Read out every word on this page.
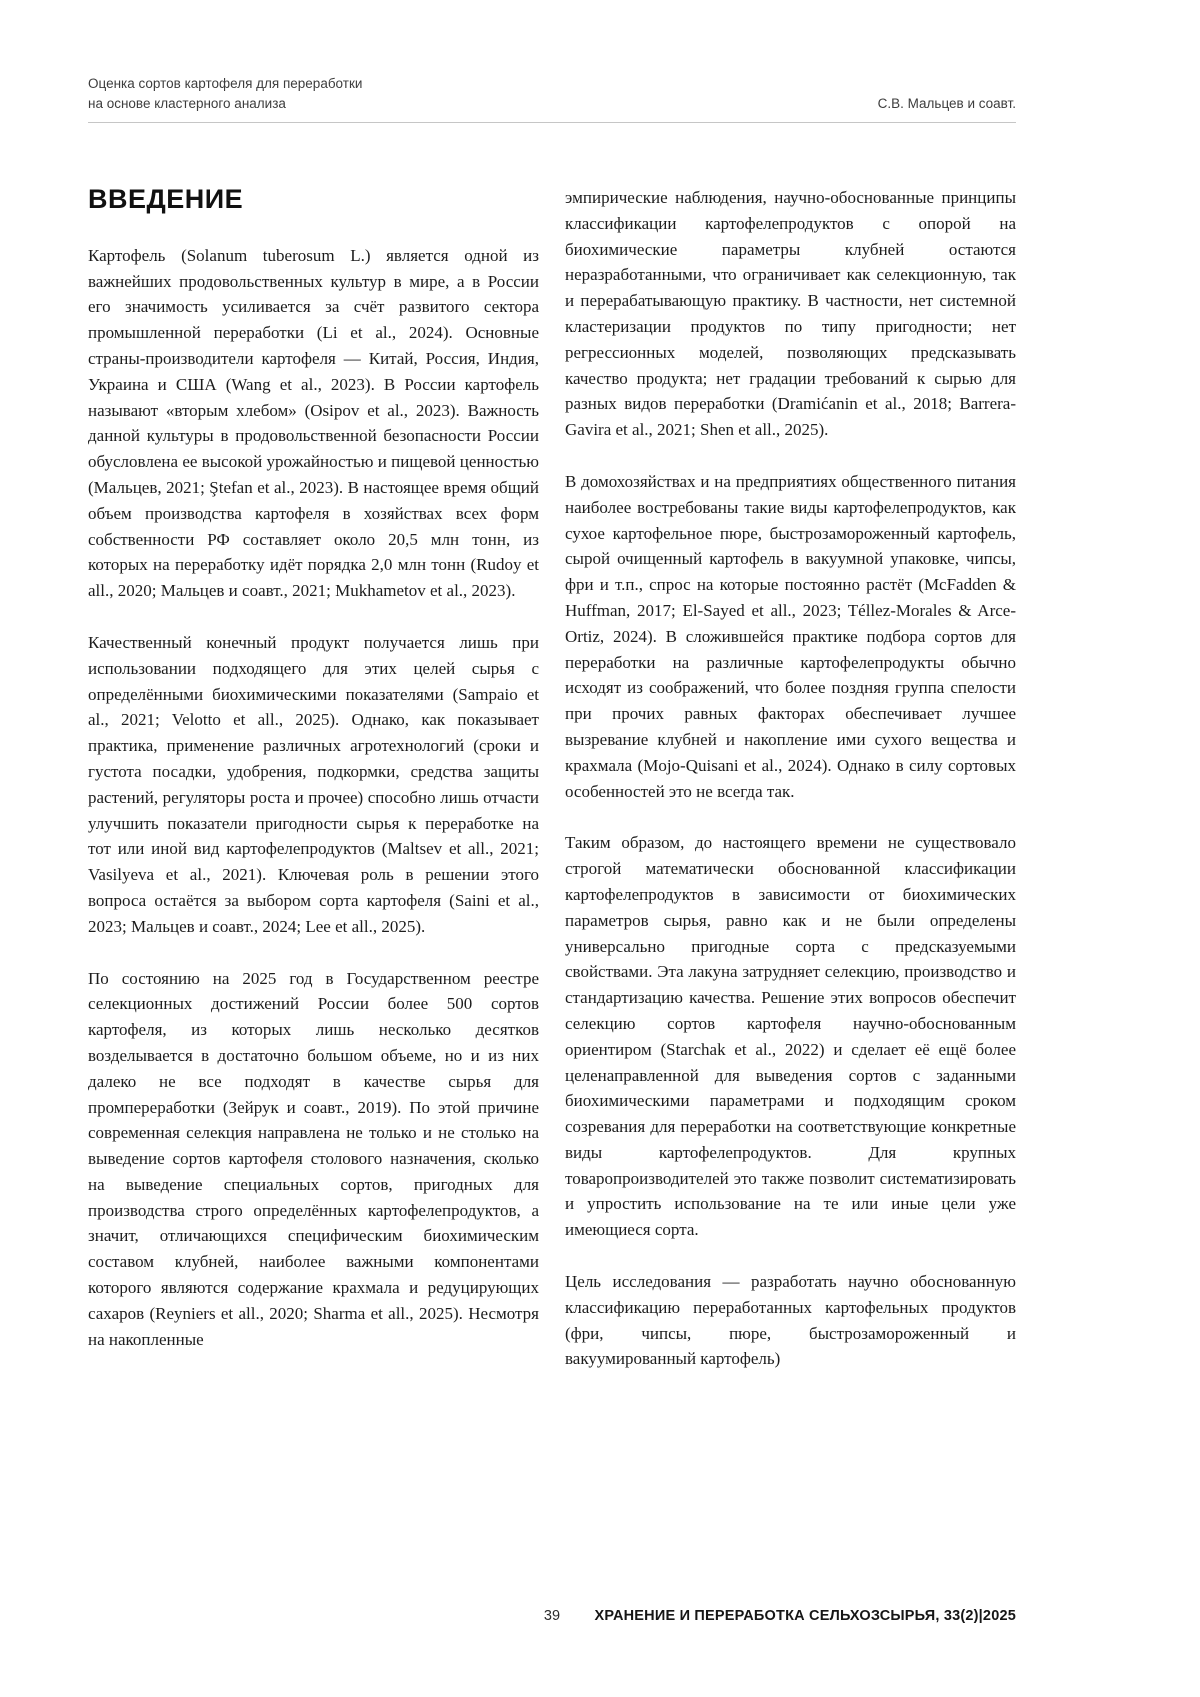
Оценка сортов картофеля для переработки
на основе кластерного анализа	С.В. Мальцев и соавт.
ВВЕДЕНИЕ

Картофель (Solanum tuberosum L.) является одной из важнейших продовольственных культур в мире, а в России его значимость усиливается за счёт развитого сектора промышленной переработки (Li et al., 2024). Основные страны-производители картофеля — Китай, Россия, Индия, Украина и США (Wang et al., 2023). В России картофель называют «вторым хлебом» (Osipov et al., 2023). Важность данной культуры в продовольственной безопасности России обусловлена ее высокой урожайностью и пищевой ценностью (Мальцев, 2021; Ştefan et al., 2023). В настоящее время общий объем производства картофеля в хозяйствах всех форм собственности РФ составляет около 20,5 млн тонн, из которых на переработку идёт порядка 2,0 млн тонн (Rudoy et all., 2020; Мальцев и соавт., 2021; Mukhametov et al., 2023).

Качественный конечный продукт получается лишь при использовании подходящего для этих целей сырья с определёнными биохимическими показателями (Sampaio et al., 2021; Velotto et all., 2025). Однако, как показывает практика, применение различных агротехнологий (сроки и густота посадки, удобрения, подкормки, средства защиты растений, регуляторы роста и прочее) способно лишь отчасти улучшить показатели пригодности сырья к переработке на тот или иной вид картофелепродуктов (Maltsev et all., 2021; Vasilyeva et al., 2021). Ключевая роль в решении этого вопроса остаётся за выбором сорта картофеля (Saini et al., 2023; Мальцев и соавт., 2024; Lee et all., 2025).

По состоянию на 2025 год в Государственном реестре селекционных достижений России более 500 сортов картофеля, из которых лишь несколько десятков возделывается в достаточно большом объеме, но и из них далеко не все подходят в качестве сырья для промпереработки (Зейрук и соавт., 2019). По этой причине современная селекция направлена не только и не столько на выведение сортов картофеля столового назначения, сколько на выведение специальных сортов, пригодных для производства строго определённых картофелепродуктов, а значит, отличающихся специфическим биохимическим составом клубней, наиболее важными компонентами которого являются содержание крахмала и редуцирующих сахаров (Reyniers et all., 2020; Sharma et all., 2025). Несмотря на накопленные

эмпирические наблюдения, научно-обоснованные принципы классификации картофелепродуктов с опорой на биохимические параметры клубней остаются неразработанными, что ограничивает как селекционную, так и перерабатывающую практику. В частности, нет системной кластеризации продуктов по типу пригодности; нет регрессионных моделей, позволяющих предсказывать качество продукта; нет градации требований к сырью для разных видов переработки (Dramićanin et al., 2018; Barrera-Gavira et al., 2021; Shen et all., 2025).

В домохозяйствах и на предприятиях общественного питания наиболее востребованы такие виды картофелепродуктов, как сухое картофельное пюре, быстрозамороженный картофель, сырой очищенный картофель в вакуумной упаковке, чипсы, фри и т.п., спрос на которые постоянно растёт (McFadden & Huffman, 2017; El-Sayed et all., 2023; Téllez-Morales & Arce-Ortiz, 2024). В сложившейся практике подбора сортов для переработки на различные картофелепродукты обычно исходят из соображений, что более поздняя группа спелости при прочих равных факторах обеспечивает лучшее вызревание клубней и накопление ими сухого вещества и крахмала (Mojo-Quisani et al., 2024). Однако в силу сортовых особенностей это не всегда так.

Таким образом, до настоящего времени не существовало строгой математически обоснованной классификации картофелепродуктов в зависимости от биохимических параметров сырья, равно как и не были определены универсально пригодные сорта с предсказуемыми свойствами. Эта лакуна затрудняет селекцию, производство и стандартизацию качества. Решение этих вопросов обеспечит селекцию сортов картофеля научно-обоснованным ориентиром (Starchak et al., 2022) и сделает её ещё более целенаправленной для выведения сортов с заданными биохимическими параметрами и подходящим сроком созревания для переработки на соответствующие конкретные виды картофелепродуктов. Для крупных товаропроизводителей это также позволит систематизировать и упростить использование на те или иные цели уже имеющиеся сорта.

Цель исследования — разработать научно обоснованную классификацию переработанных картофельных продуктов (фри, чипсы, пюре, быстрозамороженный и вакуумированный картофель)

39	ХРАНЕНИЕ И ПЕРЕРАБОТКА СЕЛЬХОЗСЫРЬЯ, 33(2)|2025
